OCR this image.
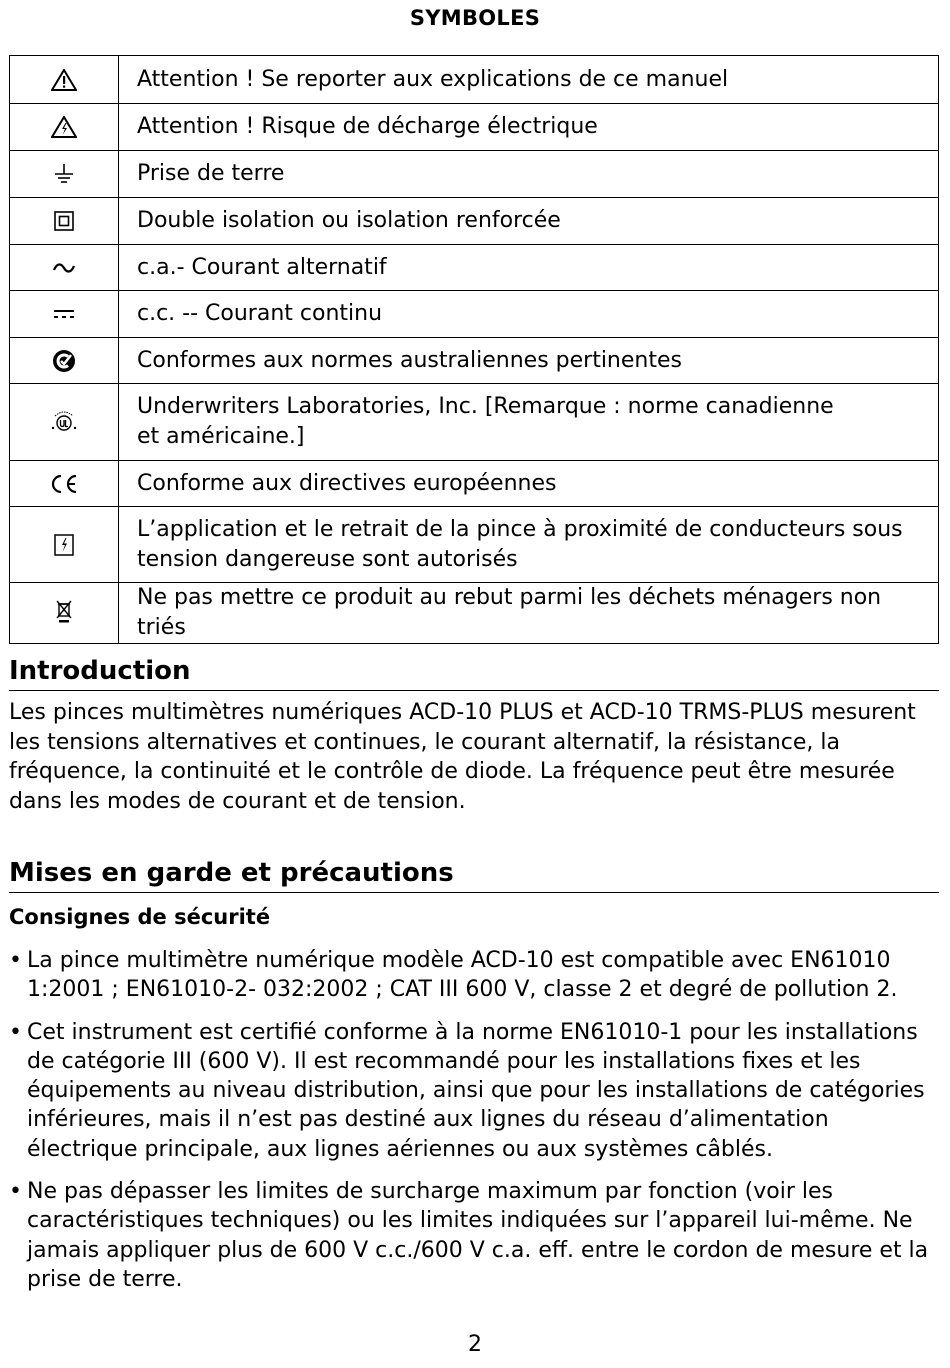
SYMBOLES

Attention ! Se reporter aux explications de ce manuel

Attention ! Risque de décharge électrique

Prise de terre

Double isolation ou isolation renforcée

c.a.- Courant alternatif

c.c. -- Courant continu

Conformes aux normes australiennes pertinentes

Underwriters Laboratories, Inc. [Remarque : norme canadienne
et américaine.]

Conforme aux directives européennes

L’application et le retrait de la pince à proximité de conducteurs sous
tension dangereuse sont autorisés

Ne pas mettre ce produit au rebut parmi les déchets ménagers non triés
Introduction

Les pinces multimètres numériques ACD-10 PLUS et ACD-10 TRMS-PLUS mesurent
les tensions alternatives et continues, le courant alternatif, la résistance, la
fréquence, la continuité et le contrôle de diode. La fréquence peut être mesurée
dans les modes de courant et de tension.

Mises en garde et précautions
Consignes de sécurité
• La pince multimètre numérique modèle ACD-10 est compatible avec EN61010
1:2001 ; EN61010-2- 032:2002 ; CAT III 600 V, classe 2 et degré de pollution 2.
• Cet instrument est certifié conforme à la norme EN61010-1 pour les installations
de catégorie III (600 V). Il est recommandé pour les installations fixes et les
équipements au niveau distribution, ainsi que pour les installations de catégories
inférieures, mais il n’est pas destiné aux lignes du réseau d’alimentation
électrique principale, aux lignes aériennes ou aux systèmes câblés.
• Ne pas dépasser les limites de surcharge maximum par fonction (voir les
caractéristiques techniques) ou les limites indiquées sur l’appareil lui-même. Ne
jamais appliquer plus de 600 V c.c./600 V c.a. eff. entre le cordon de mesure et la
prise de terre.
2
